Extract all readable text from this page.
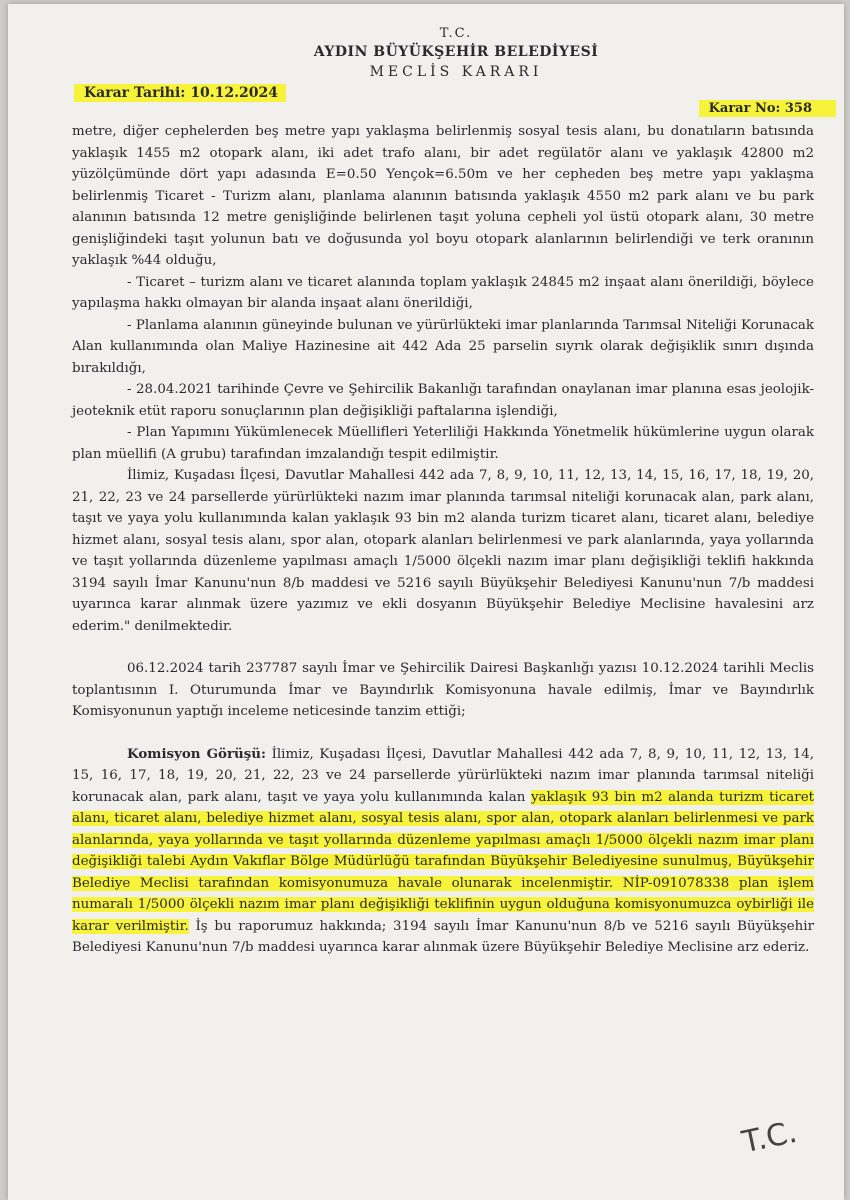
T.C.
AYDIN BÜYÜKŞEHİR BELEDİYESİ
MECLİS KARARI
Karar Tarihi: 10.12.2024
Karar No: 358

metre, diğer cephelerden beş metre yapı yaklaşma belirlenmiş sosyal tesis alanı, bu donatıların batısında yaklaşık 1455 m2 otopark alanı, iki adet trafo alanı, bir adet regülatör alanı ve yaklaşık 42800 m2 yüzölçümünde dört yapı adasında E=0.50 Yençok=6.50m ve her cepheden beş metre yapı yaklaşma belirlenmiş Ticaret - Turizm alanı, planlama alanının batısında yaklaşık 4550 m2 park alanı ve bu park alanının batısında 12 metre genişliğinde belirlenen taşıt yoluna cepheli yol üstü otopark alanı, 30 metre genişliğindeki taşıt yolunun batı ve doğusunda yol boyu otopark alanlarının belirlendiği ve terk oranının yaklaşık %44 olduğu,

- Ticaret – turizm alanı ve ticaret alanında toplam yaklaşık 24845 m2 inşaat alanı önerildiği, böylece yapılaşma hakkı olmayan bir alanda inşaat alanı önerildiği,

- Planlama alanının güneyinde bulunan ve yürürlükteki imar planlarında Tarımsal Niteliği Korunacak Alan kullanımında olan Maliye Hazinesine ait 442 Ada 25 parselin sıyrık olarak değişiklik sınırı dışında bırakıldığı,

- 28.04.2021 tarihinde Çevre ve Şehircilik Bakanlığı tarafından onaylanan imar planına esas jeolojik-jeoteknik etüt raporu sonuçlarının plan değişikliği paftalarına işlendiği,

- Plan Yapımını Yükümlenecek Müellifleri Yeterliliği Hakkında Yönetmelik hükümlerine uygun olarak plan müellifi (A grubu) tarafından imzalandığı tespit edilmiştir.

İlimiz, Kuşadası İlçesi, Davutlar Mahallesi 442 ada 7, 8, 9, 10, 11, 12, 13, 14, 15, 16, 17, 18, 19, 20, 21, 22, 23 ve 24 parsellerde yürürlükteki nazım imar planında tarımsal niteliği korunacak alan, park alanı, taşıt ve yaya yolu kullanımında kalan yaklaşık 93 bin m2 alanda turizm ticaret alanı, ticaret alanı, belediye hizmet alanı, sosyal tesis alanı, spor alan, otopark alanları belirlenmesi ve park alanlarında, yaya yollarında ve taşıt yollarında düzenleme yapılması amaçlı 1/5000 ölçekli nazım imar planı değişikliği teklifi hakkında 3194 sayılı İmar Kanunu'nun 8/b maddesi ve 5216 sayılı Büyükşehir Belediyesi Kanunu'nun 7/b maddesi uyarınca karar alınmak üzere yazımız ve ekli dosyanın Büyükşehir Belediye Meclisine havalesini arz ederim." denilmektedir.

06.12.2024 tarih 237787 sayılı İmar ve Şehircilik Dairesi Başkanlığı yazısı 10.12.2024 tarihli Meclis toplantısının I. Oturumunda İmar ve Bayındırlık Komisyonuna havale edilmiş, İmar ve Bayındırlık Komisyonunun yaptığı inceleme neticesinde tanzim ettiği;

Komisyon Görüşü: İlimiz, Kuşadası İlçesi, Davutlar Mahallesi 442 ada 7, 8, 9, 10, 11, 12, 13, 14, 15, 16, 17, 18, 19, 20, 21, 22, 23 ve 24 parsellerde yürürlükteki nazım imar planında tarımsal niteliği korunacak alan, park alanı, taşıt ve yaya yolu kullanımında kalan yaklaşık 93 bin m2 alanda turizm ticaret alanı, ticaret alanı, belediye hizmet alanı, sosyal tesis alanı, spor alan, otopark alanları belirlenmesi ve park alanlarında, yaya yollarında ve taşıt yollarında düzenleme yapılması amaçlı 1/5000 ölçekli nazım imar planı değişikliği talebi Aydın Vakıflar Bölge Müdürlüğü tarafından Büyükşehir Belediyesine sunulmuş, Büyükşehir Belediye Meclisi tarafından komisyonumuza havale olunarak incelenmiştir. NİP-091078338 plan işlem numaralı 1/5000 ölçekli nazım imar planı değişikliği teklifinin uygun olduğuna komisyonumuzca oybirliği ile karar verilmiştir. İş bu raporumuz hakkında; 3194 sayılı İmar Kanunu'nun 8/b ve 5216 sayılı Büyükşehir Belediyesi Kanunu'nun 7/b maddesi uyarınca karar alınmak üzere Büyükşehir Belediye Meclisine arz ederiz.

T.C.
